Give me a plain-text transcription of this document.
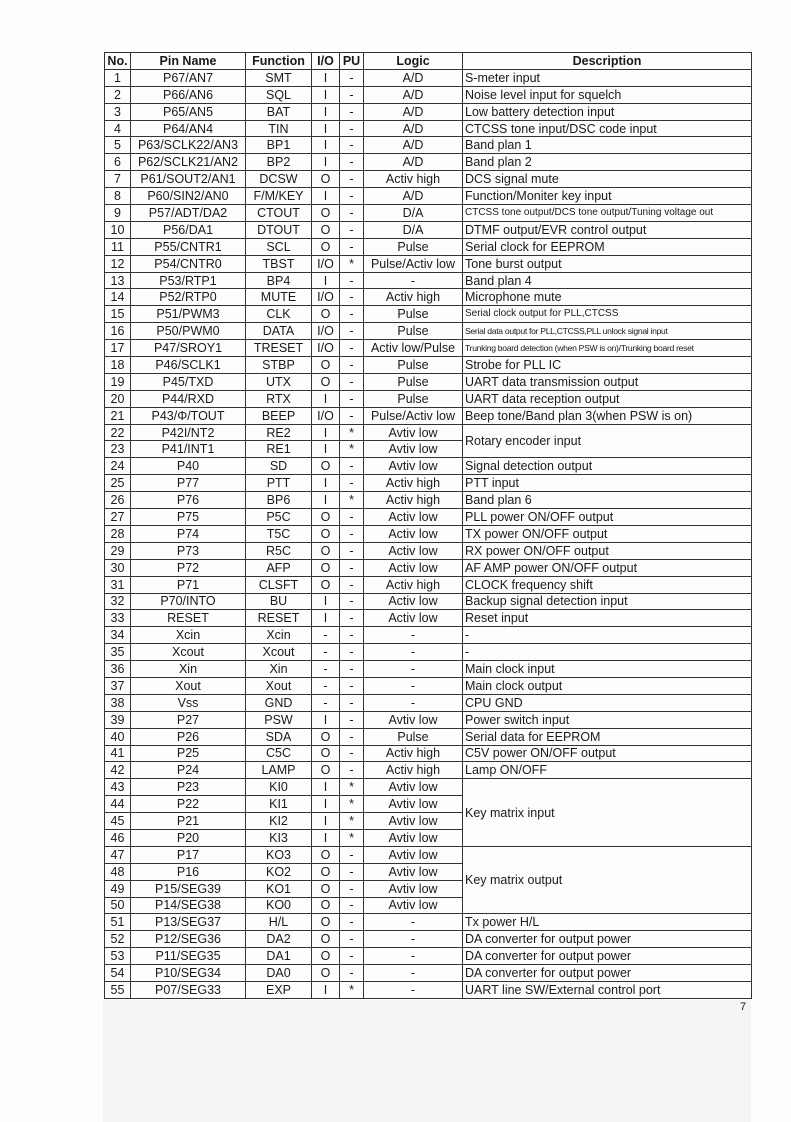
No.	Pin Name	Function	I/O	PU	Logic	Description
1	P67/AN7	SMT	I	-	A/D	S-meter input
2	P66/AN6	SQL	I	-	A/D	Noise level input for squelch
3	P65/AN5	BAT	I	-	A/D	Low battery detection input
4	P64/AN4	TIN	I	-	A/D	CTCSS tone input/DSC code input
5	P63/SCLK22/AN3	BP1	I	-	A/D	Band plan 1
6	P62/SCLK21/AN2	BP2	I	-	A/D	Band plan 2
7	P61/SOUT2/AN1	DCSW	O	-	Activ high	DCS signal mute
8	P60/SIN2/AN0	F/M/KEY	I	-	A/D	Function/Moniter key input
9	P57/ADT/DA2	CTOUT	O	-	D/A	CTCSS tone output/DCS tone output/Tuning voltage out
10	P56/DA1	DTOUT	O	-	D/A	DTMF output/EVR control output
11	P55/CNTR1	SCL	O	-	Pulse	Serial clock for EEPROM
12	P54/CNTR0	TBST	I/O	*	Pulse/Activ low	Tone burst output
13	P53/RTP1	BP4	I	-	-	Band plan 4
14	P52/RTP0	MUTE	I/O	-	Activ high	Microphone mute
15	P51/PWM3	CLK	O	-	Pulse	Serial clock output for PLL,CTCSS
16	P50/PWM0	DATA	I/O	-	Pulse	Serial data output for PLL,CTCSS,PLL unlock signal input
17	P47/SROY1	TRESET	I/O	-	Activ low/Pulse	Trunking board detection (when PSW is on)/Trunking board reset
18	P46/SCLK1	STBP	O	-	Pulse	Strobe for PLL IC
19	P45/TXD	UTX	O	-	Pulse	UART data transmission output
20	P44/RXD	RTX	I	-	Pulse	UART data reception output
21	P43/Φ/TOUT	BEEP	I/O	-	Pulse/Activ low	Beep tone/Band plan 3(when PSW is on)
22	P42I/NT2	RE2	I	*	Avtiv low	Rotary encoder input
23	P41/INT1	RE1	I	*	Avtiv low	
24	P40	SD	O	-	Avtiv low	Signal detection output
25	P77	PTT	I	-	Activ high	PTT input
26	P76	BP6	I	*	Activ high	Band plan 6
27	P75	P5C	O	-	Activ low	PLL power ON/OFF output
28	P74	T5C	O	-	Activ low	TX power ON/OFF output
29	P73	R5C	O	-	Activ low	RX power ON/OFF output
30	P72	AFP	O	-	Activ low	AF AMP power ON/OFF output
31	P71	CLSFT	O	-	Activ high	CLOCK frequency shift
32	P70/INTO	BU	I	-	Activ low	Backup signal detection input
33	RESET	RESET	I	-	Activ low	Reset input
34	Xcin	Xcin	-	-	-	-
35	Xcout	Xcout	-	-	-	-
36	Xin	Xin	-	-	-	Main clock input
37	Xout	Xout	-	-	-	Main clock output
38	Vss	GND	-	-	-	CPU GND
39	P27	PSW	I	-	Avtiv low	Power switch input
40	P26	SDA	O	-	Pulse	Serial data for EEPROM
41	P25	C5C	O	-	Activ high	C5V power ON/OFF output
42	P24	LAMP	O	-	Activ high	Lamp ON/OFF
43	P23	KI0	I	*	Avtiv low	Key matrix input
44	P22	KI1	I	*	Avtiv low	
45	P21	KI2	I	*	Avtiv low	
46	P20	KI3	I	*	Avtiv low	
47	P17	KO3	O	-	Avtiv low	Key matrix output
48	P16	KO2	O	-	Avtiv low	
49	P15/SEG39	KO1	O	-	Avtiv low	
50	P14/SEG38	KO0	O	-	Avtiv low	
51	P13/SEG37	H/L	O	-	-	Tx power H/L
52	P12/SEG36	DA2	O	-	-	DA converter for output power
53	P11/SEG35	DA1	O	-	-	DA converter for output power
54	P10/SEG34	DA0	O	-	-	DA converter for output power
55	P07/SEG33	EXP	I	*	-	UART line SW/External control port
7
